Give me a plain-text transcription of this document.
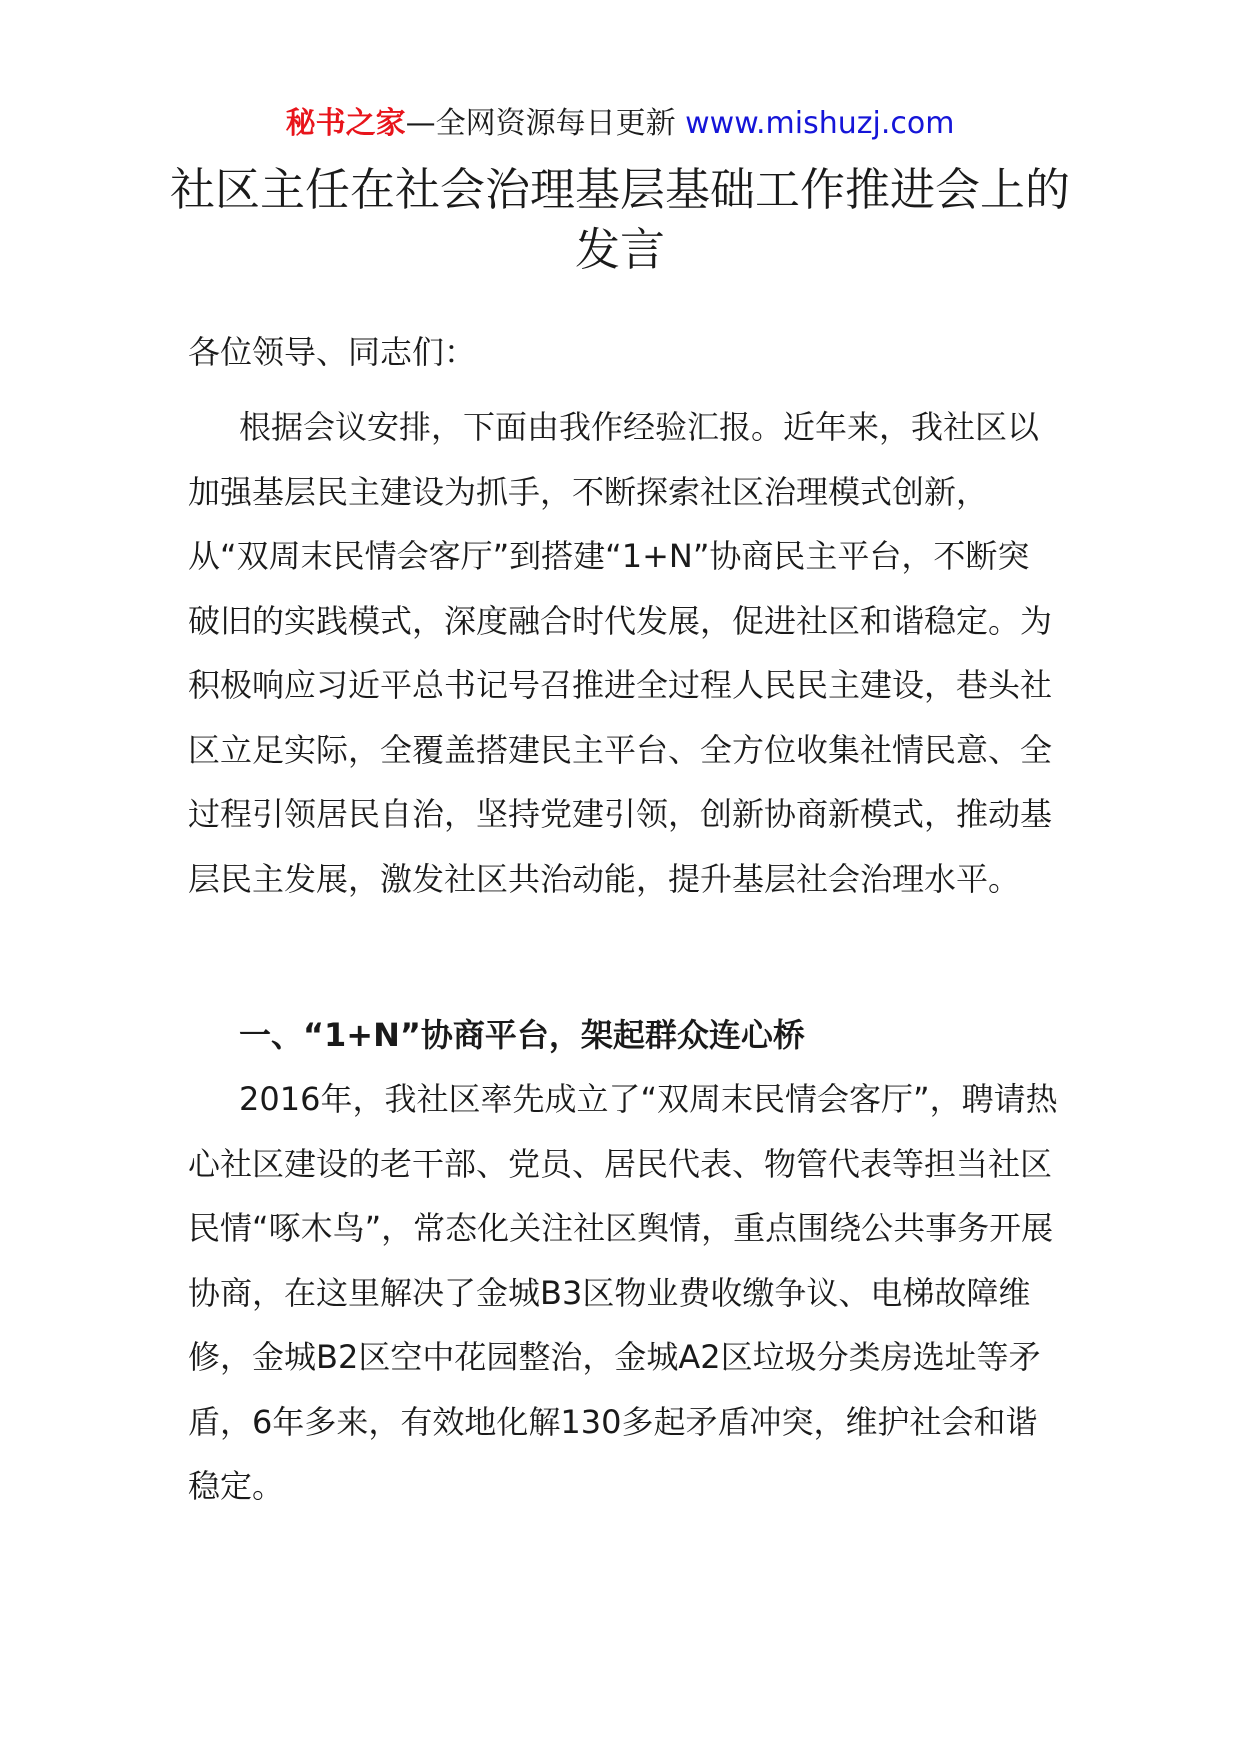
秘书之家—全网资源每日更新 www.mishuzj.com
社区主任在社会治理基层基础工作推进会上的发言

各位领导、同志们：

根据会议安排，下面由我作经验汇报。近年来，我社区以加强基层民主建设为抓手，不断探索社区治理模式创新，从“双周末民情会客厅”到搭建“1+N”协商民主平台，不断突破旧的实践模式，深度融合时代发展，促进社区和谐稳定。为积极响应习近平总书记号召推进全过程人民民主建设，巷头社区立足实际，全覆盖搭建民主平台、全方位收集社情民意、全过程引领居民自治，坚持党建引领，创新协商新模式，推动基层民主发展，激发社区共治动能，提升基层社会治理水平。

一、“1+N”协商平台，架起群众连心桥

2016年，我社区率先成立了“双周末民情会客厅”，聘请热心社区建设的老干部、党员、居民代表、物管代表等担当社区民情“啄木鸟”，常态化关注社区舆情，重点围绕公共事务开展协商，在这里解决了金城B3区物业费收缴争议、电梯故障维修，金城B2区空中花园整治，金城A2区垃圾分类房选址等矛盾，6年多来，有效地化解130多起矛盾冲突，维护社会和谐稳定。
